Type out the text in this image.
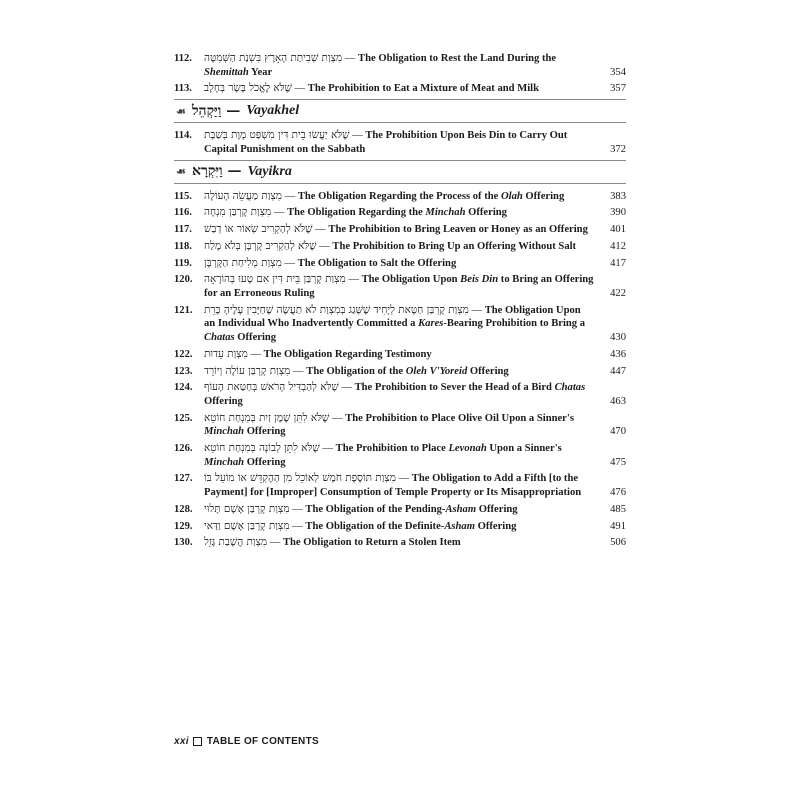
112.	מִצְוַת שְׁבִיתַת הָאָרֶץ בִּשְׁנַת הַשְּׁמִטָּה — The Obligation to Rest the Land During the Shemittah Year	354
113.	שֶׁלֹּא לֶאֱכֹל בָּשָׂר בְּחָלָב — The Prohibition to Eat a Mixture of Meat and Milk	357
☙ וַיַּקְהֵל — Vayakhel
114.	שֶׁלֹּא יַעֲשׂוּ בֵית דִּין מִשְׁפַּט מָוֶת בְּשַׁבָּת — The Prohibition Upon Beis Din to Carry Out Capital Punishment on the Sabbath	372
☙ וַיִּקְרָא — Vayikra
115.	מִצְוַת מַעֲשֵׂה הָעוֹלָה — The Obligation Regarding the Process of the Olah Offering	383
116.	מִצְוַת קָרְבַּן מִנְחָה — The Obligation Regarding the Minchah Offering	390
117.	שֶׁלֹּא לְהַקְרִיב שְׂאוֹר אוֹ דְבַשׁ — The Prohibition to Bring Leaven or Honey as an Offering	401
118.	שֶׁלֹּא לְהַקְרִיב קָרְבָּן בְּלֹא מֶלַח — The Prohibition to Bring Up an Offering Without Salt	412
119.	מִצְוַת מְלִיחַת הַקָּרְבָּן — The Obligation to Salt the Offering	417
120.	מִצְוַת קָרְבַּן בֵּית דִּין אִם טָעוּ בְּהוֹרָאָה — The Obligation Upon Beis Din to Bring an Offering for an Erroneous Ruling	422
121.	מִצְוַת קָרְבַּן חַטָּאת לְיָחִיד שֶׁשָּׁגַג בְּמִצְוַת לֹא תַעֲשֶׂה שֶׁחַיָּבִין עָלֶיהָ כָּרֵת — The Obligation Upon an Individual Who Inadvertently Committed a Kares-Bearing Prohibition to Bring a Chatas Offering	430
122.	מִצְוַת עֵדוּת — The Obligation Regarding Testimony	436
123.	מִצְוַת קָרְבַּן עוֹלֶה וְיוֹרֵד — The Obligation of the Oleh V'Yoreid Offering	447
124.	שֶׁלֹּא לְהַבְדִּיל הָרֹאשׁ בְּחַטַּאת הָעוֹף — The Prohibition to Sever the Head of a Bird Chatas Offering	463
125.	שֶׁלֹּא לִתֵּן שֶׁמֶן זַיִת בְּמִנְחַת חוֹטֵא — The Prohibition to Place Olive Oil Upon a Sinner's Minchah Offering	470
126.	שֶׁלֹּא לִתֵּן לְבוֹנָה בְּמִנְחַת חוֹטֵא — The Prohibition to Place Levonah Upon a Sinner's Minchah Offering	475
127.	מִצְוַת תּוֹסֶפֶת חֹמֶשׁ לְאוֹכֵל מִן הַהֶקְדֵּשׁ אוֹ מוֹעֵל בּוֹ — The Obligation to Add a Fifth [to the Payment] for [Improper] Consumption of Temple Property or Its Misappropriation	476
128.	מִצְוַת קָרְבַּן אָשָׁם תָּלוּי — The Obligation of the Pending-Asham Offering	485
129.	מִצְוַת קָרְבַּן אָשָׁם וַדַּאי — The Obligation of the Definite-Asham Offering	491
130.	מִצְוַת הֲשָׁבַת גָּזֵל — The Obligation to Return a Stolen Item	506
xxi TABLE OF CONTENTS
